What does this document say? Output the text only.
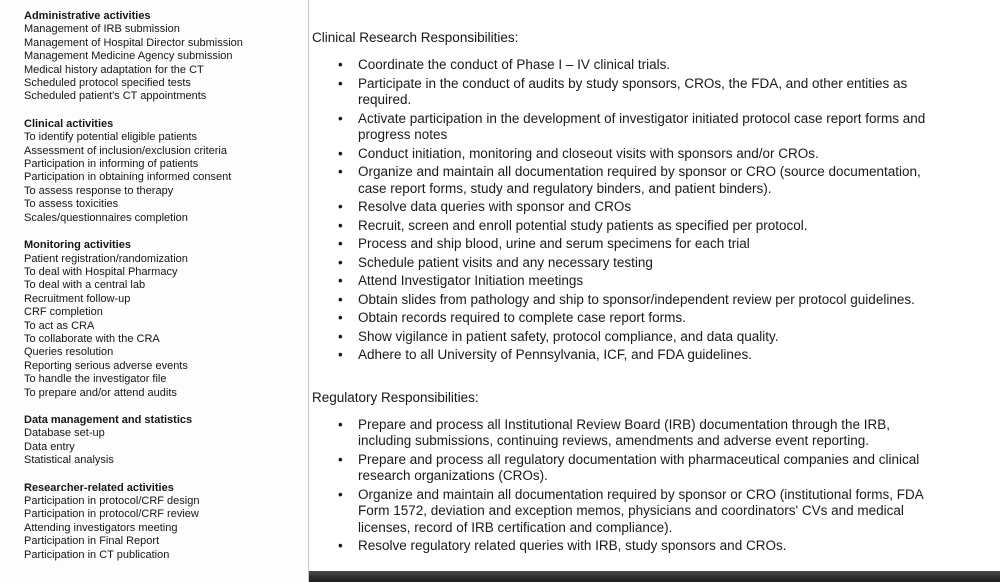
Administrative activities
Management of IRB submission
Management of Hospital Director submission
Management Medicine Agency submission
Medical history adaptation for the CT
Scheduled protocol specified tests
Scheduled patient's CT appointments
Clinical activities
To identify potential eligible patients
Assessment of inclusion/exclusion criteria
Participation in informing of patients
Participation in obtaining informed consent
To assess response to therapy
To assess toxicities
Scales/questionnaires completion
Monitoring activities
Patient registration/randomization
To deal with Hospital Pharmacy
To deal with a central lab
Recruitment follow-up
CRF completion
To act as CRA
To collaborate with the CRA
Queries resolution
Reporting serious adverse events
To handle the investigator file
To prepare and/or attend audits
Data management and statistics
Database set-up
Data entry
Statistical analysis
Researcher-related activities
Participation in protocol/CRF design
Participation in protocol/CRF review
Attending investigators meeting
Participation in Final Report
Participation in CT publication

Clinical Research Responsibilities:

• Coordinate the conduct of Phase I – IV clinical trials.
• Participate in the conduct of audits by study sponsors, CROs, the FDA, and other entities as required.
• Activate participation in the development of investigator initiated protocol case report forms and progress notes
• Conduct initiation, monitoring and closeout visits with sponsors and/or CROs.
• Organize and maintain all documentation required by sponsor or CRO (source documentation, case report forms, study and regulatory binders, and patient binders).
• Resolve data queries with sponsor and CROs
• Recruit, screen and enroll potential study patients as specified per protocol.
• Process and ship blood, urine and serum specimens for each trial
• Schedule patient visits and any necessary testing
• Attend Investigator Initiation meetings
• Obtain slides from pathology and ship to sponsor/independent review per protocol guidelines.
• Obtain records required to complete case report forms.
• Show vigilance in patient safety, protocol compliance, and data quality.
• Adhere to all University of Pennsylvania, ICF, and FDA guidelines.

Regulatory Responsibilities:

• Prepare and process all Institutional Review Board (IRB) documentation through the IRB, including submissions, continuing reviews, amendments and adverse event reporting.
• Prepare and process all regulatory documentation with pharmaceutical companies and clinical research organizations (CROs).
• Organize and maintain all documentation required by sponsor or CRO (institutional forms, FDA Form 1572, deviation and exception memos, physicians and coordinators' CVs and medical licenses, record of IRB certification and compliance).
• Resolve regulatory related queries with IRB, study sponsors and CROs.
